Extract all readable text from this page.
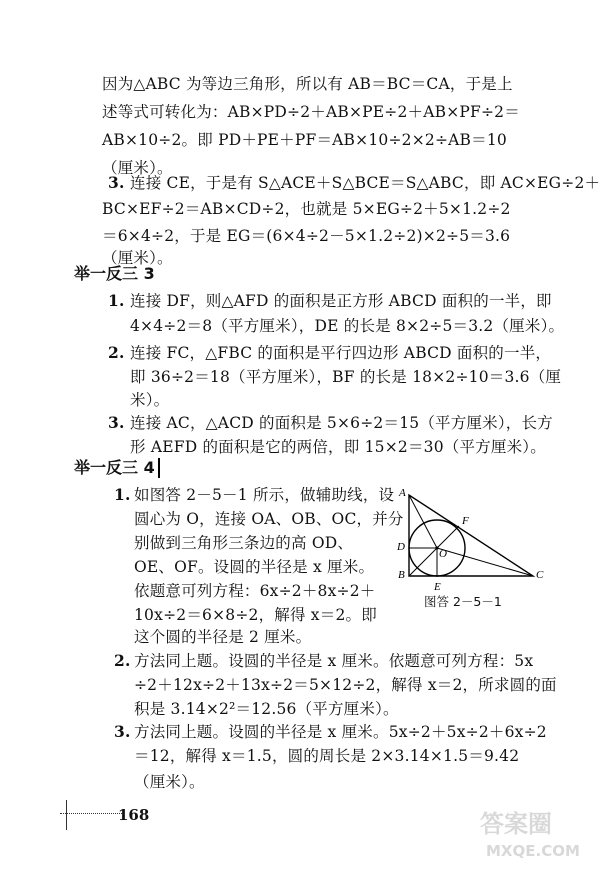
因为△ABC 为等边三角形，所以有 AB＝BC＝CA，于是上
述等式可转化为：AB×PD÷2＋AB×PE÷2＋AB×PF÷2＝
AB×10÷2。即 PD＋PE＋PF＝AB×10÷2×2÷AB＝10
（厘米）。
3. 连接 CE，于是有 S△ACE＋S△BCE＝S△ABC，即 AC×EG÷2＋
BC×EF÷2＝AB×CD÷2，也就是 5×EG÷2＋5×1.2÷2
＝6×4÷2，于是 EG＝(6×4÷2－5×1.2÷2)×2÷5＝3.6
（厘米）。
举一反三 3
1. 连接 DF，则△AFD 的面积是正方形 ABCD 面积的一半，即
4×4÷2＝8（平方厘米），DE 的长是 8×2÷5＝3.2（厘米）。
2. 连接 FC，△FBC 的面积是平行四边形 ABCD 面积的一半，
即 36÷2＝18（平方厘米），BF 的长是 18×2÷10＝3.6（厘
米）。
3. 连接 AC，△ACD 的面积是 5×6÷2＝15（平方厘米），长方
形 AEFD 的面积是它的两倍，即 15×2＝30（平方厘米）。
举一反三 4
1. 如图答 2－5－1 所示，做辅助线，设
圆心为 O，连接 OA、OB、OC，并分
别做到三角形三条边的高 OD、
OE、OF。设圆的半径是 x 厘米。
依题意可列方程：6x÷2＋8x÷2＋
10x÷2＝6×8÷2，解得 x＝2。即
这个圆的半径是 2 厘米。
A
D
B
E
C
F
O
图答 2－5－1
2. 方法同上题。设圆的半径是 x 厘米。依题意可列方程：5x
÷2＋12x÷2＋13x÷2＝5×12÷2，解得 x＝2，所求圆的面
积是 3.14×2²＝12.56（平方厘米）。
3. 方法同上题。设圆的半径是 x 厘米。5x÷2＋5x÷2＋6x÷2
＝12，解得 x＝1.5，圆的周长是 2×3.14×1.5＝9.42
（厘米）。
168	答案圈
MXQE.COM
